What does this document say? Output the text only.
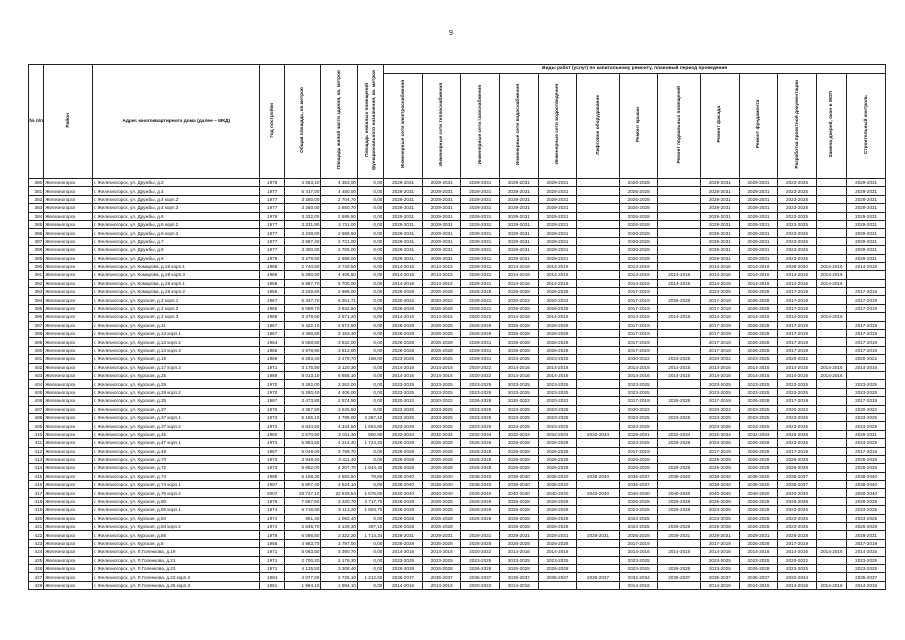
9
№ п/п	Район	Адрес многоквартирного дома (далее – МКД)	Год постройки	Общая площадь, кв.метров	Площадь жилой части здания, кв. метров	Площадь нежилых помещений функционального назначения, кв. метров	Виды работ (услуг) по капитальному ремонту, плановый период проведения												
							Инженерные сети электроснабжения	Инженерные сети теплоснабжения	Инженерные сети газоснабжения	Инженерные сети водоснабжения	Инженерные сети водоотведения	Лифтовое оборудование	Ремонт крыши	Ремонт подвальных помещений	Ремонт фасада	Ремонт фундамента	Разработка проектной документации	Замена дверей, окон в МОП	Строительный контроль
380	Железногорск	г. Железногорск, ул. Дружбы, д.3	1978	4 353,10	4 353,00	0,00	2029-2031	2029-2031	2029-2031	2029-2031	2029-2031		2026-2028		2029-2031	2029-2031	2023-2025		2029-2031
381	Железногорск	г. Железногорск, ул. Дружбы, д.4	1977	5 417,00	4 480,00	0,00	2029-2031	2029-2031	2029-2031	2029-2031	2029-2031		2026-2028		2029-2031	2029-2031	2023-2025		2029-2031
382	Железногорск	г. Железногорск, ул. Дружбы, д.4 корп.2	1977	3 280,00	2 704,70	0,00	2029-2031	2029-2031	2029-2031	2029-2031	2029-2031		2026-2028		2029-2031	2029-2031	2023-2025		2029-2031
383	Железногорск	г. Железногорск, ул. Дружбы, д.4 корп.3	1977	3 260,00	2 650,70	0,00	2029-2031	2029-2031	2029-2031	2029-2031	2029-2031		2026-2028		2029-2031	2029-2031	2023-2025		2029-2031
384	Железногорск	г. Железногорск, ул. Дружбы, д.6	1976	3 332,00	2 695,50	0,00	2029-2031	2029-2031	2029-2031	2029-2031	2029-2031		2026-2028		2029-2031	2029-2031	2023-2025		2029-2031
385	Железногорск	г. Железногорск, ул. Дружбы, д.6 корп.2	1977	3 331,90	2 711,00	0,00	2029-2031	2029-2031	2029-2031	2029-2031	2029-2031		2026-2028		2029-2031	2029-2031	2023-2025		2029-2031
386	Железногорск	г. Железногорск, ул. Дружбы, д.6 корп.2	1977	3 238,00	2 699,50	0,00	2029-2031	2029-2031	2029-2031	2029-2031	2029-2031		2026-2028		2029-2031	2029-2031	2023-2025		2029-2031
387	Железногорск	г. Железногорск, ул. Дружбы, д.7	1977	3 687,40	2 721,00	0,00	2029-2031	2029-2031	2029-2031	2029-2031	2029-2031		2026-2028		2029-2031	2029-2031	2023-2025		2029-2031
388	Железногорск	г. Железногорск, ул. Дружбы, д.8	1977	3 300,00	2 706,00	0,00	2029-2031	2029-2031	2029-2031	2029-2031	2029-2031		2026-2028		2029-2031	2029-2031	2023-2025		2029-2031
389	Железногорск	г. Железногорск, ул. Дружбы, д.9	1978	3 279,60	2 698,00	0,00	2029-2031	2029-2031	2029-2031	2029-2031	2029-2031		2026-2028		2029-2031	2029-2031	2023-2025		2029-2031
390	Железногорск	г. Железногорск, ул. Комарова, д.26 корп.1	1968	2 740,50	2 740,50	0,00	2014-2016	2014-2016	2029-2031	2014-2016	2014-2016		2014-2016		2014-2016	2014-2016	2038-2040	2014-2016	2014-2016
391	Железногорск	г. Железногорск, ул. Комарова, д.28 корп.3	1969	5 290,90	4 406,50	0,00	2014-2016	2014-2016	2029-2031	2014-2016	2014-2016		2014-2016	2014-2016	2014-2016	2014-2016	2014-2016	2014-2016	
392	Железногорск	г. Железногорск, ул. Комарова, д.28 корп.1	1968	6 857,70	5 700,00	0,00	2014-2016	2014-2016	2029-2031	2014-2016	2014-2016		2014-2016	2014-2016	2014-2016	2014-2016	2014-2016	2014-2016	
393	Железногорск	г. Железногорск, ул. Комарова, д.28 корп.2	1965	3 249,60	2 698,00	0,00	2026-2028	2026-2028	2026-2028	2026-2028	2026-2028		2017-2019		2023-2025	2026-2028	2017-2019		2017-2019
394	Железногорск	г. Железногорск, ул. Курская, д.3 корп.1	1967	6 347,70	6 351,71	0,00	2020-2022	2020-2022	2029-2031	2020-2022	2020-2022		2017-2019	2026-2028	2017-2019	2026-2028	2017-2019		2017-2019
395	Железногорск	г. Железногорск, ул. Курская, д.3 корп.2	1965	5 089,70	3 832,60	0,00	2026-2028	2026-2028	2029-2031	2026-2028	2026-2028		2017-2019		2017-2019	2026-2028	2017-2019		2017-2019
396	Железногорск	г. Железногорск, ул. Курская, д.3 корп.3	1968	3 478,50	2 571,20	0,00	2014-2016	2014-2016	2020-2022	2014-2016	2014-2016		2014-2016	2014-2016	2014-2016	2014-2016	2014-2016	2014-2016	
397	Железногорск	г. Железногорск, ул. Курская, д.11	1967	5 422,10	2 572,50	0,00	2026-2028	2026-2028	2026-2028	2026-2028	2026-2028		2017-2019		2017-2019	2026-2028	2017-2019		2017-2019
398	Железногорск	г. Железногорск, ул. Курская, д.13 корп.1	1967	4 466,60	3 183,40	0,00	2026-2028	2026-2028	2026-2028	2026-2028	2026-2028		2017-2019		2017-2019	2026-2028	2017-2019		2017-2019
399	Железногорск	г. Железногорск, ул. Курская, д.13 корп.2	1964	5 068,80	3 832,00	0,00	2026-2028	2026-2028	2029-2031	2026-2028	2026-2028		2017-2019		2017-2019	2026-2028	2017-2019		2017-2019
400	Железногорск	г. Железногорск, ул. Курская, д.13 корп.3	1965	4 978,90	3 812,00	0,00	2026-2028	2026-2028	2029-2031	2026-2028	2026-2028		2017-2019		2017-2019	2026-2028	2017-2019		2017-2019
401	Железногорск	г. Железногорск, ул. Курская, д.15	1969	6 293,40	3 479,70	168,00	2023-2025	2023-2025	2029-2031	2023-2025	2023-2025		2020-2022	2023-2025	2020-2022	2023-2025	2020-2022		2020-2022
402	Железногорск	г. Железногорск, ул. Курская, д.17 корп.2	1971	3 175,90	3 120,30	0,00	2014-2016	2014-2016	2020-2022	2014-2016	2014-2016		2014-2016	2014-2016	2014-2016	2014-2016	2014-2016	2014-2016	2014-2016
403	Железногорск	г. Железногорск, ул. Курская, д.25	1969	8 013,10	6 855,10	0,00	2014-2016	2014-2016	2020-2022	2014-2016	2014-2016		2014-2016	2014-2016	2014-2016	2014-2016	2014-2016	2014-2016	
404	Железногорск	г. Железногорск, ул. Курская, д.29	1970	3 262,00	3 262,00	0,00	2023-2025	2023-2025	2023-2025	2023-2025	2023-2025		2023-2025		2023-2025	2023-2025	2023-2025		2023-2025
405	Железногорск	г. Железногорск, ул. Курская, д.29 корп.2	1970	5 280,40	4 406,00	0,00	2023-2025	2023-2025	2023-2025	2023-2025	2023-2025		2023-2025		2023-2025	2023-2025	2023-2025		2023-2025
406	Железногорск	г. Железногорск, ул. Курская, д.35	1967	3 473,80	2 574,50	0,00	2020-2022	2020-2022	2026-2028	2020-2022	2020-2022		2017-2019	2026-2028	2017-2019	2026-2028	2017-2019		2017-2019
407	Железногорск	г. Железногорск, ул. Курская, д.37	1970	4 357,50	3 625,50	0,00	2023-2025	2023-2025	2023-2025	2023-2025	2023-2025		2020-2022		2020-2022	2023-2025	2020-2022		2020-2022
408	Железногорск	г. Железногорск, ул. Курская, д.37 корп.1	1973	5 165,10	4 788,00	2 287,10	2023-2025	2023-2025	2023-2025	2023-2025	2023-2025		2023-2025	2023-2025	2023-2025	2023-2025	2023-2025		2023-2025
409	Железногорск	г. Железногорск, ул. Курская, д.37 корп.2	1972	6 834,50	4 344,50	1 664,80	2023-2025	2023-2025	2023-2025	2023-2025	2023-2025		2023-2025		2023-2025	2023-2025	2023-2025		2023-2025
410	Железногорск	г. Железногорск, ул. Курская, д.45	1980	2 570,90	2 011,30	500,90	2032-2034	2032-2034	2032-2034	2032-2034	2032-2034	2032-2034	2029-2031	2032-2034	2032-2034	2032-2034	2026-2028		2029-2031
411	Железногорск	г. Железногорск, ул. Курская, д.47 корп.1	1973	5 953,50	4 214,40	1 724,20	2026-2028	2026-2028	2026-2028	2026-2028	2026-2028		2023-2025	2026-2028	2023-2025	2026-2028	2023-2025		2023-2025
412	Железногорск	г. Железногорск, ул. Курская, д.49	1967	5 049,00	3 799,70	0,00	2026-2028	2026-2028	2026-2028	2026-2028	2026-2028		2017-2019		2017-2019	2026-2028	2017-2019		2017-2019
413	Железногорск	г. Железногорск, ул. Курская, д.70	1973	3 948,40	3 311,40	0,00	2026-2028	2026-2028	2026-2028	2026-2028	2026-2028		2026-2028		2026-2028	2026-2028	2026-2028		2026-2028
414	Железногорск	г. Железногорск, ул. Курская, д.72	1973	5 852,00	4 207,70	1 644,40	2026-2028	2026-2028	2026-2028	2026-2028	2026-2028		2026-2028	2026-2028	2026-2028	2026-2028	2026-2028		2026-2028
415	Железногорск	г. Железногорск, ул. Курская, д.74	1995	6 168,30	4 683,50	78,60	2038-2040	2038-2040	2038-2040	2038-2040	2038-2040	2038-2040	2035-2037	2038-2040	2038-2040	2038-2040	2035-2037		2038-2040
416	Железногорск	г. Железногорск, ул. Курская, д.74 корп.1	1997	5 807,40	4 524,10	0,00	2038-2040	2038-2040	2038-2040	2038-2040	2038-2040		2035-2037		2038-2040	2038-2040	2035-2037		2038-2040
417	Железногорск	г. Железногорск, ул. Курская, д.76 корп.2	2007	28 747,10	22 829,54	1 576,00	2040-2040	2040-2040	2040-2040	2040-2040	2040-2040	2040-2040	2040-2040	2040-2040	2040-2040	2040-2040	2040-2040		2040-2040
418	Железногорск	г. Железногорск, ул. Курская, д.80	1975	7 687,60	3 220,70	2 717,70	2026-2028	2026-2028	2026-2028	2026-2028	2026-2028		2026-2028	2026-2028	2026-2028	2026-2028	2026-2028		2026-2028
419	Железногорск	г. Железногорск, ул. Курская, д.80 корп.1	1974	6 716,90	5 113,20	1 603,70	2026-2028	2026-2028	2026-2028	2026-2028	2026-2028		2023-2025	2026-2028	2023-2025	2026-2028	2023-2025		2023-2025
420	Железногорск	г. Железногорск, ул. Курская, д.84	1974	991,40	1 092,40	0,00	2026-2028	2026-2028	2026-2028	2026-2028	2026-2028		2023-2025		2023-2025	2026-2028	2023-2025		2023-2025
421	Железногорск	г. Железногорск, ул. Курская, д.84 корп.2	1974	2 636,70	2 129,30	497,10	2026-2028	2026-2028		2026-2028	2026-2028		2023-2025	2026-2028	2026-2028	2026-2028	2023-2025		2026-2028
422	Железногорск	г. Железногорск, ул. Курская, д.86	1979	6 096,80	3 322,20	1 714,34	2029-2031	2029-2031	2029-2031	2029-2031	2029-2031	2029-2031	2026-2028	2029-2031	2029-2031	2029-2031	2026-2028		2029-2031
423	Железногорск	г. Железногорск, ул. Курская, д.8	1966	4 983,70	3 797,00	0,00	2026-2028	2026-2028	2026-2028	2026-2028	2026-2028		2017-2019		2017-2019	2026-2028	2017-2019		2017-2019
424	Железногорск	г. Железногорск, ул. Л.Голенкова, д.19	1971	5 063,50	3 390,70	0,00	2014-2016	2014-2016	2020-2022	2014-2016	2014-2016		2014-2016	2014-2016	2014-2016	2014-2016	2014-2016	2014-2016	2014-2016
425	Железногорск	г. Железногорск, ул. Л.Голенкова, д.21	1971	2 700,20	2 179,30	0,00	2023-2025	2023-2025	2023-2025	2023-2025	2023-2025		2023-2025		2023-2025	2023-2025	2020-2022		2023-2025
426	Железногорск	г. Железногорск, ул. Л.Голенкова, д.23	1971	4 125,50	3 308,40	0,00	2026-2028	2026-2028	2026-2028	2026-2028	2026-2028		2023-2025	2026-2028	2023-2025	2026-2028	2023-2025		2023-2025
427	Железногорск	г. Железногорск, ул. Л.Голенкова, д.23 корп.2	1984	4 077,00	2 725,10	1 212,60	2035-2037	2035-2037	2035-2037	2035-2037	2035-2037	2035-2037	2032-2034	2035-2037	2035-2037	2035-2037	2032-2034		2035-2037
428	Железногорск	г. Железногорск, ул. Л.Голенкова, д.25 корп.3	1961	1 994,10	1 994,10	0,00	2014-2016	2014-2016	2020-2022	2014-2016			2014-2016		2014-2016	2014-2016	2014-2016	2014-2016	2014-2016
